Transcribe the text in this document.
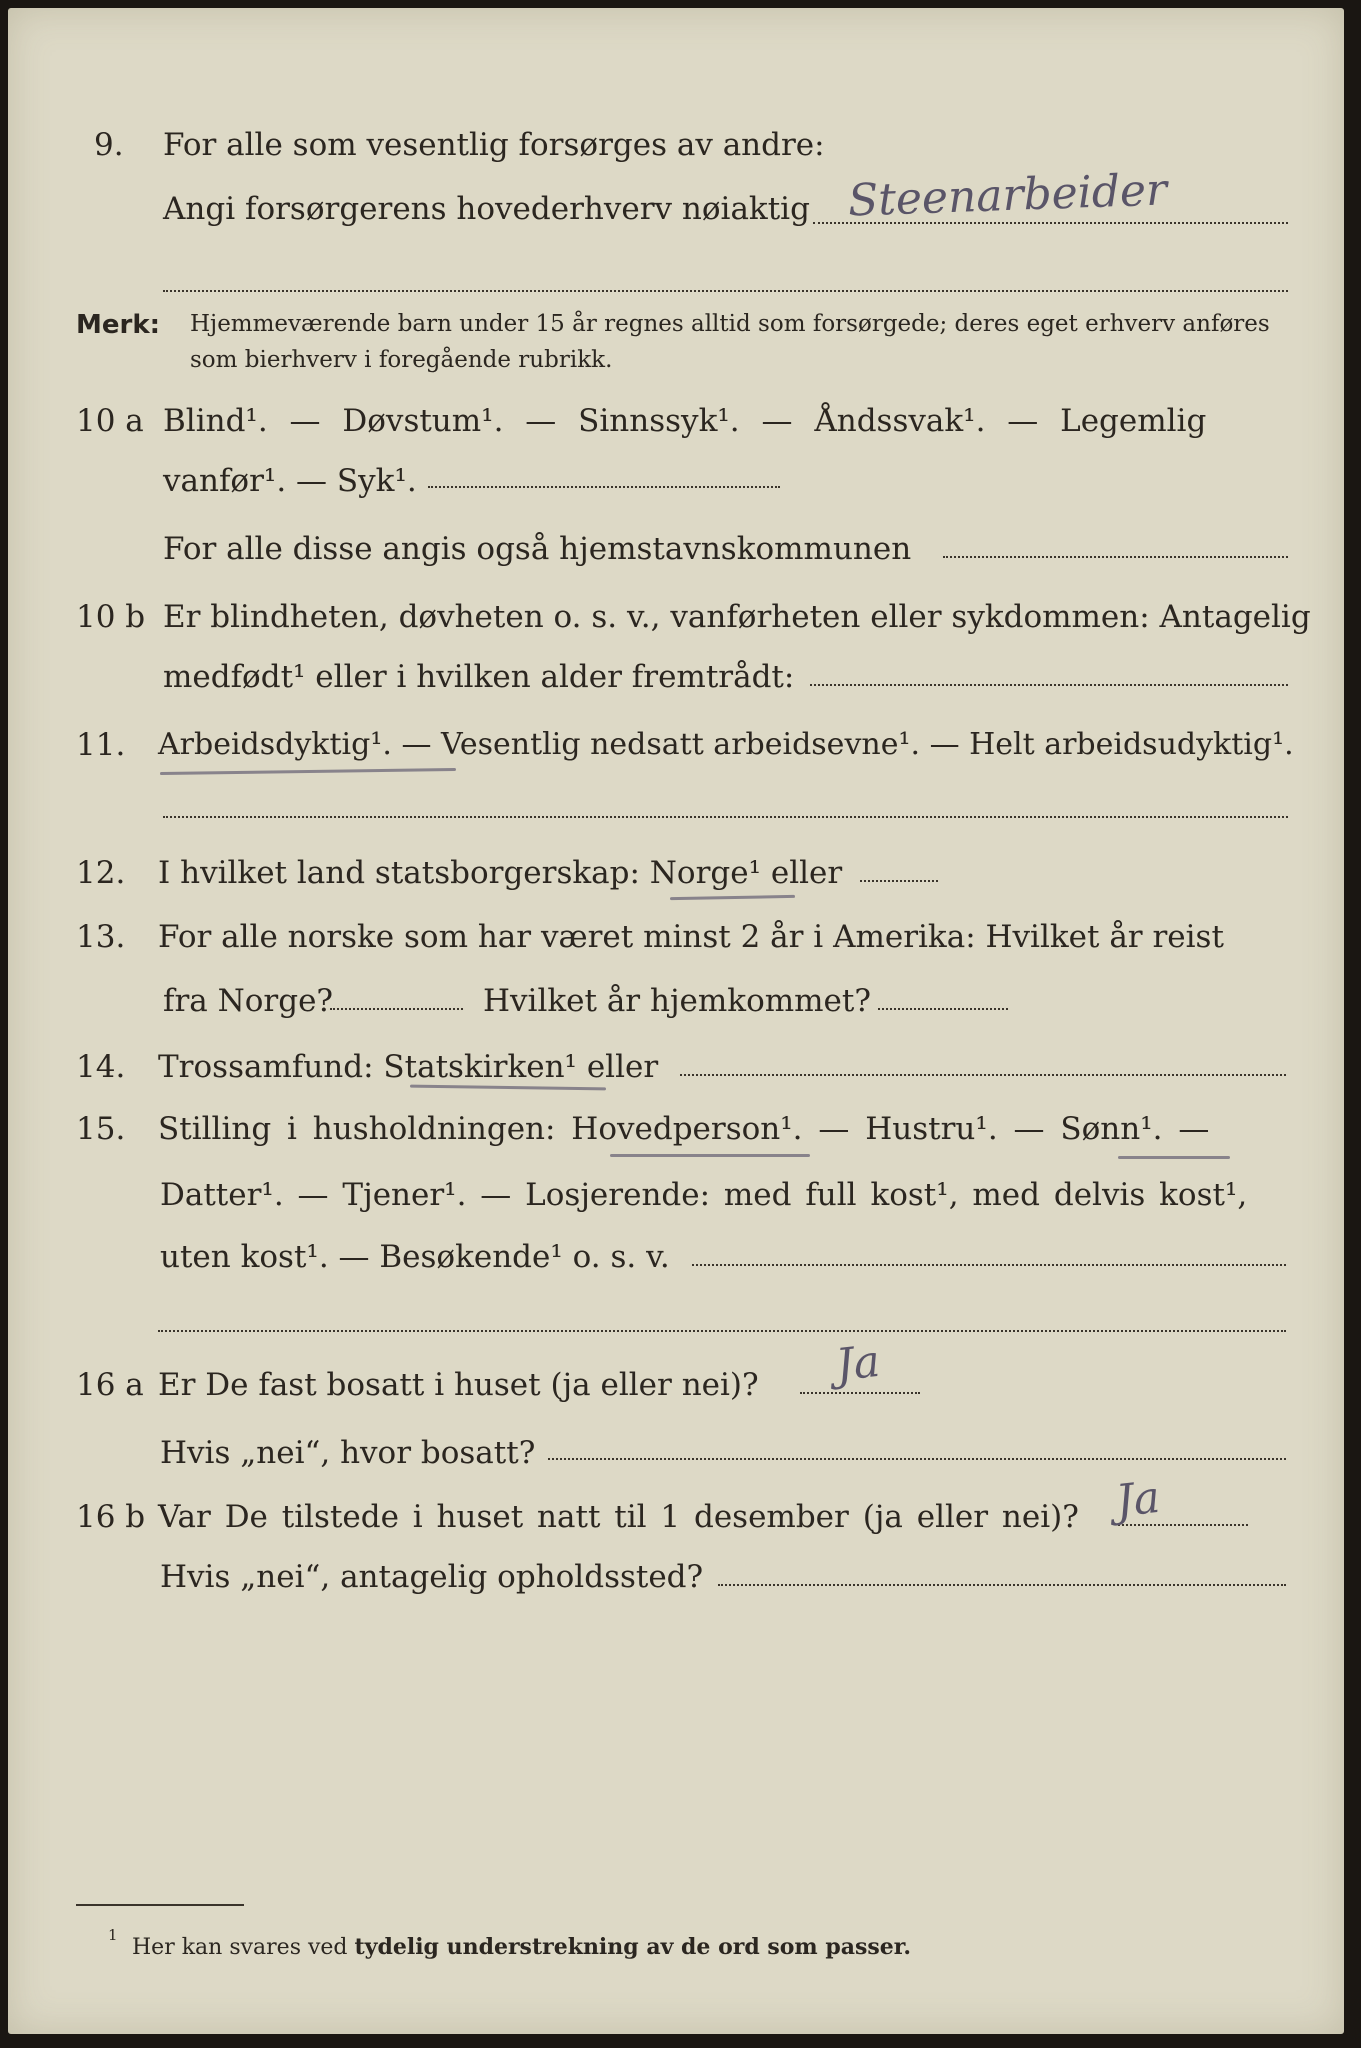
9. For alle som vesentlig forsørges av andre:
Angi forsørgerens hovederhverv nøiaktig Steenarbeider
Merk: Hjemmeværende barn under 15 år regnes alltid som forsørgede; deres eget erhverv anføres som bierhverv i foregående rubrikk.
10 a Blind¹. — Døvstum¹. — Sinnssyk¹. — Åndssvak¹. — Legemlig
vanfør¹. — Syk¹.
For alle disse angis også hjemstavnskommunen
10 b Er blindheten, døvheten o. s. v., vanførheten eller sykdommen: Antagelig
medfødt¹ eller i hvilken alder fremtrådt:
11. Arbeidsdyktig¹. — Vesentlig nedsatt arbeidsevne¹. — Helt arbeidsudyktig¹.
12. I hvilket land statsborgerskap: Norge¹ eller
13. For alle norske som har været minst 2 år i Amerika: Hvilket år reist
fra Norge?	Hvilket år hjemkommet?
14. Trossamfund: Statskirken¹ eller
15. Stilling i husholdningen: Hovedperson¹. — Hustru¹. — Sønn¹. —
Datter¹. — Tjener¹. — Losjerende: med full kost¹, med delvis kost¹,
uten kost¹. — Besøkende¹ o. s. v.
16 a Er De fast bosatt i huset (ja eller nei)? Ja
Hvis „nei“, hvor bosatt?
16 b Var De tilstede i huset natt til 1 desember (ja eller nei)? Ja
Hvis „nei“, antagelig opholdssted?
1 Her kan svares ved tydelig understrekning av de ord som passer.
